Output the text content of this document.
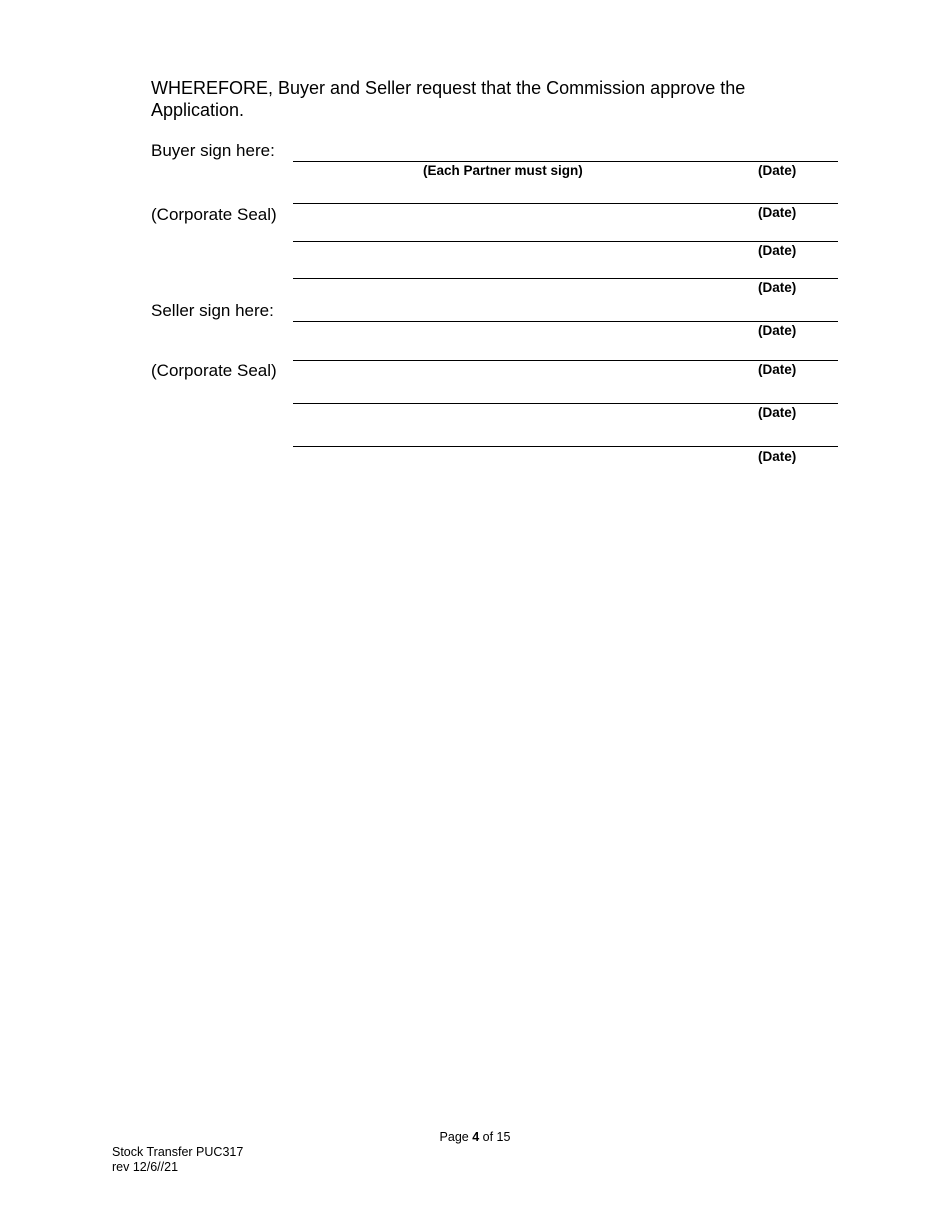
WHEREFORE, Buyer and Seller request that the Commission approve the Application.

Buyer sign here:
(Corporate Seal)
Seller sign here:
(Corporate Seal)
(Each Partner must sign)	(Date)
(Date)
(Date)
(Date)
(Date)
(Date)
(Date)
(Date)
Page 4 of 15
Stock Transfer PUC317
rev 12/6//21
